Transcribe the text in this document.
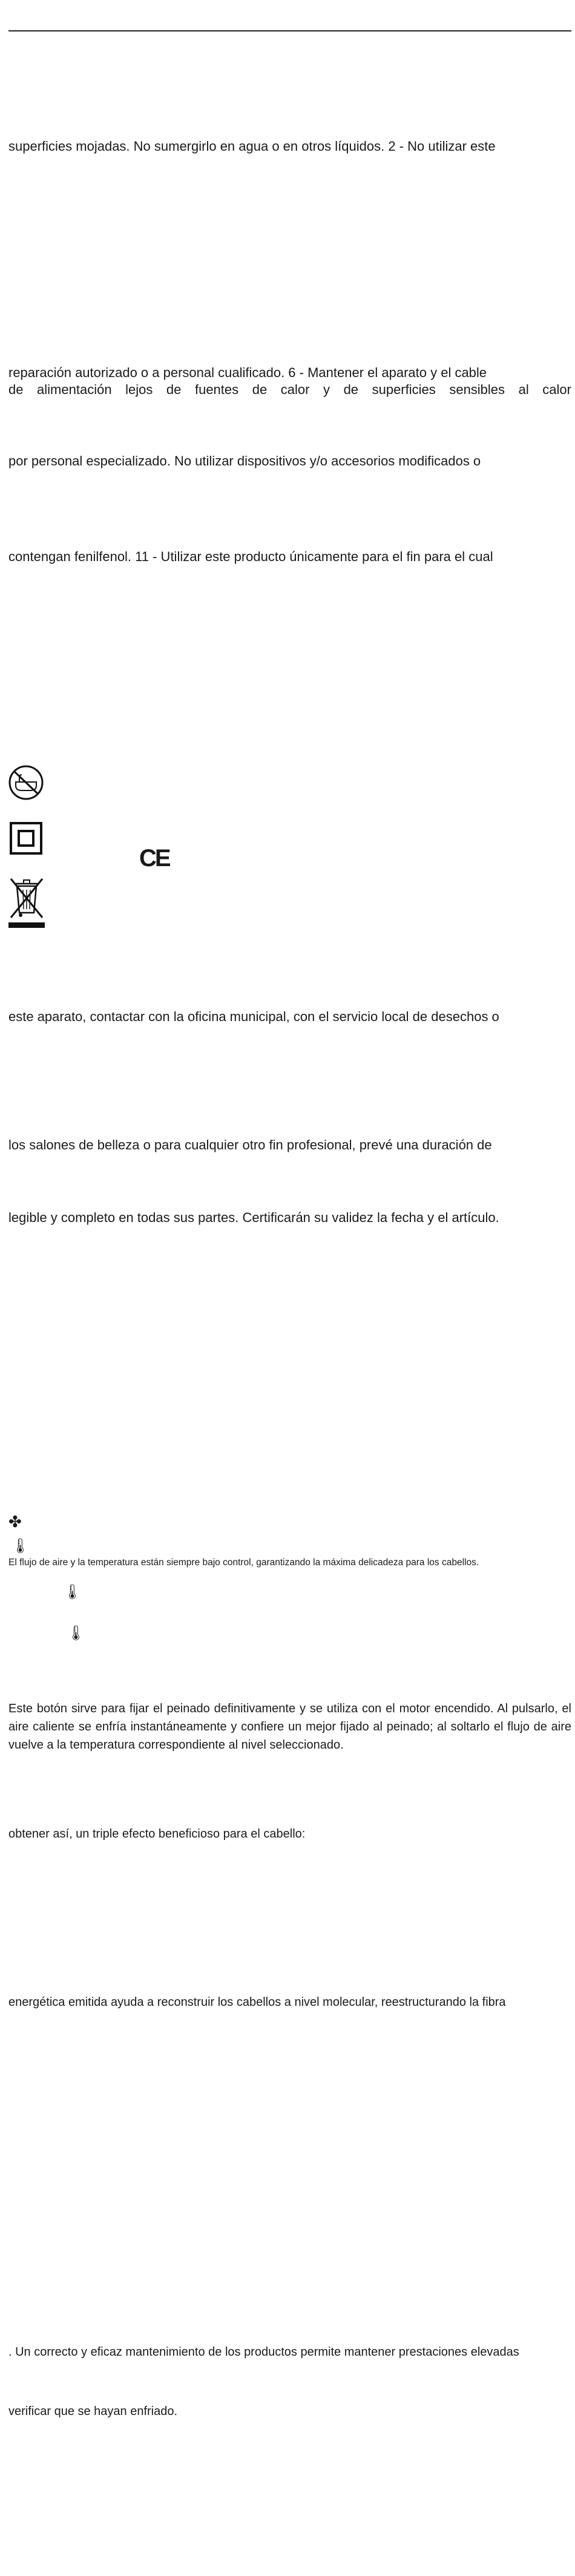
superficies mojadas. No sumergirlo en agua o en otros líquidos. 2 - No utilizar este
reparación autorizado o a personal cualificado. 6 - Mantener el aparato y el cable
de alimentación lejos de fuentes de calor y de superficies sensibles al calor
por personal especializado. No utilizar dispositivos y/o accesorios modificados o
contengan fenilfenol. 11 - Utilizar este producto únicamente para el fin para el cual
CE
este aparato, contactar con la oficina municipal, con el servicio local de desechos o
los salones de belleza o para cualquier otro fin profesional, prevé una duración de
legible y completo en todas sus partes. Certificarán su validez la fecha y el artículo.
✤
🌡
El flujo de aire y la temperatura están siempre bajo control, garantizando la máxima delicadeza para los cabellos.
🌡
🌡
Este botón sirve para fijar el peinado definitivamente y se utiliza con el motor encendido. Al pulsarlo, el aire caliente se enfría instantáneamente y confiere un mejor fijado al peinado; al soltarlo el flujo de aire vuelve a la temperatura correspondiente al nivel seleccionado.
obtener así, un triple efecto beneficioso para el cabello:
energética emitida ayuda a reconstruir los cabellos a nivel molecular, reestructurando la fibra
. Un correcto y eficaz mantenimiento de los productos permite mantener prestaciones elevadas
verificar que se hayan enfriado.
